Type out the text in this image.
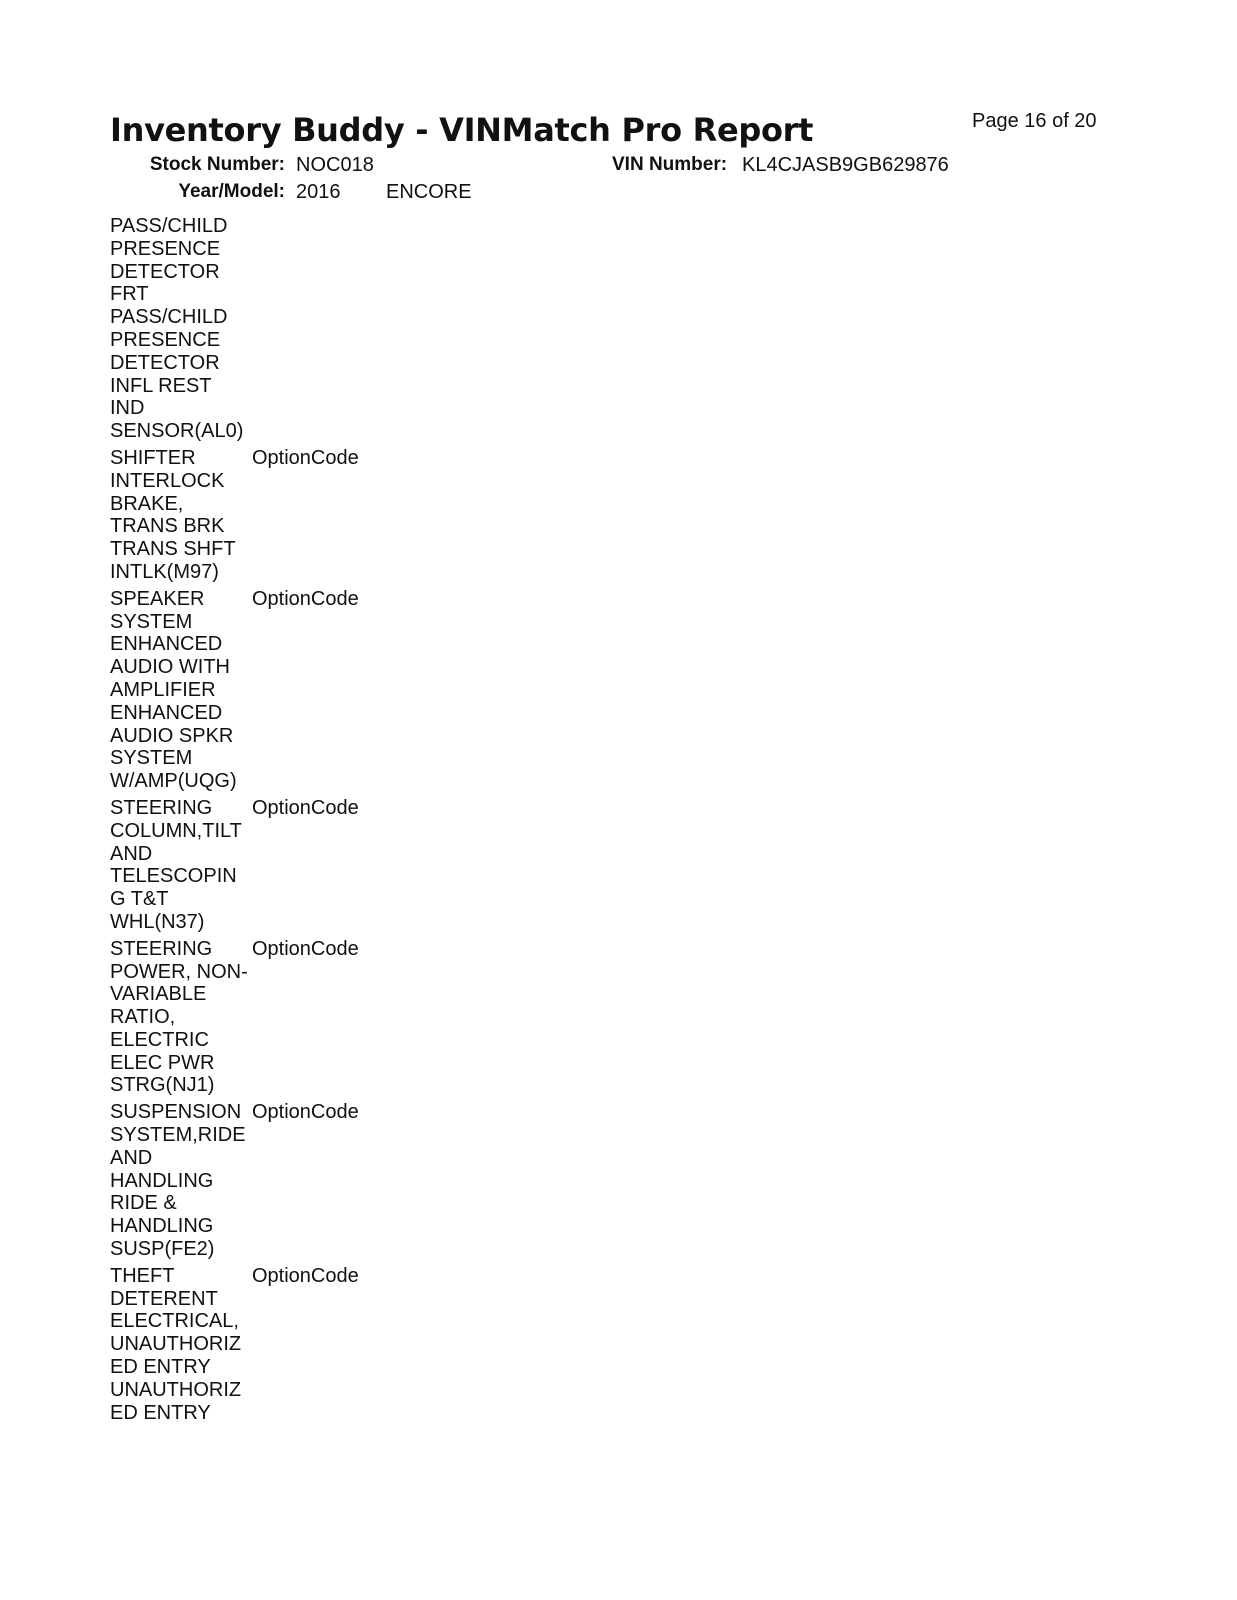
Inventory Buddy - VINMatch Pro Report	Page 16 of 20
Stock Number: NOC018	VIN Number: KL4CJASB9GB629876
Year/Model: 2016 ENCORE
PASS/CHILD
PRESENCE
DETECTOR
FRT
PASS/CHILD
PRESENCE
DETECTOR
INFL REST
IND
SENSOR(AL0)
SHIFTER
INTERLOCK
BRAKE,
TRANS BRK
TRANS SHFT
INTLK(M97)
OptionCode
SPEAKER
SYSTEM
ENHANCED
AUDIO WITH
AMPLIFIER
ENHANCED
AUDIO SPKR
SYSTEM
W/AMP(UQG)
OptionCode
STEERING
COLUMN,TILT
AND
TELESCOPIN
G T&T
WHL(N37)
OptionCode
STEERING
POWER, NON-
VARIABLE
RATIO,
ELECTRIC
ELEC PWR
STRG(NJ1)
OptionCode
SUSPENSION
SYSTEM,RIDE
AND
HANDLING
RIDE &
HANDLING
SUSP(FE2)
OptionCode
THEFT
DETERENT
ELECTRICAL,
UNAUTHORIZ
ED ENTRY
UNAUTHORIZ
ED ENTRY
OptionCode
